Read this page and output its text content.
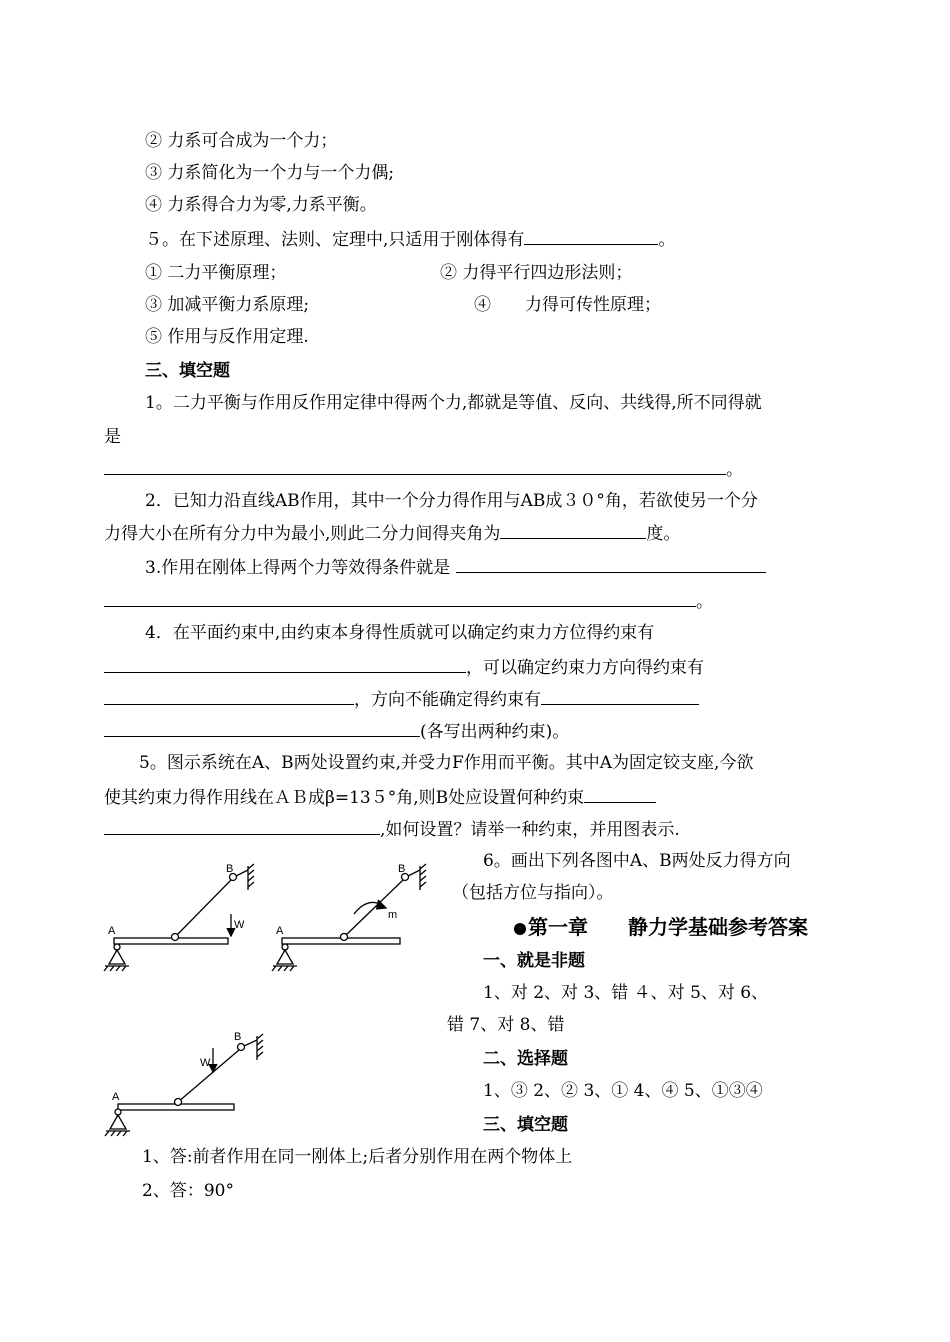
② 力系可合成为一个力；
③ 力系简化为一个力与一个力偶;
④ 力系得合力为零,力系平衡。
５。在下述原理、法则、定理中,只适用于刚体得有	。
① 二力平衡原理；	② 力得平行四边形法则；
③ 加减平衡力系原理;	④　　力得可传性原理；
⑤ 作用与反作用定理.
三、填空题
1。二力平衡与作用反作用定律中得两个力,都就是等值、反向、共线得,所不同得就
是
。
2．已知力沿直线AB作用，其中一个分力得作用与AB成３０°角，若欲使另一个分
力得大小在所有分力中为最小,则此二分力间得夹角为	度。
3.作用在刚体上得两个力等效得条件就是
。
4．在平面约束中,由约束本身得性质就可以确定约束力方位得约束有
，可以确定约束力方向得约束有
，方向不能确定得约束有
(各写出两种约束)。
5。图示系统在A、B两处设置约束,并受力F作用而平衡。其中A为固定铰支座,今欲
使其约束力得作用线在ＡＢ成β=13５°角,则B处应设置何种约束
,如何设置？请举一种约束，并用图表示.
6。画出下列各图中A、B两处反力得方向
（包括方位与指向）。
A
B
W	A
B
m
A
B
W
第一章　　静力学基础参考答案
一、就是非题
1、对 2、对 3、错 ４、对 5、对 6、
错 7、对 8、错
二、选择题
1、③ 2、② 3、① 4、④ 5、①③④
三、填空题
1、答:前者作用在同一刚体上;后者分别作用在两个物体上
2、答：90°
